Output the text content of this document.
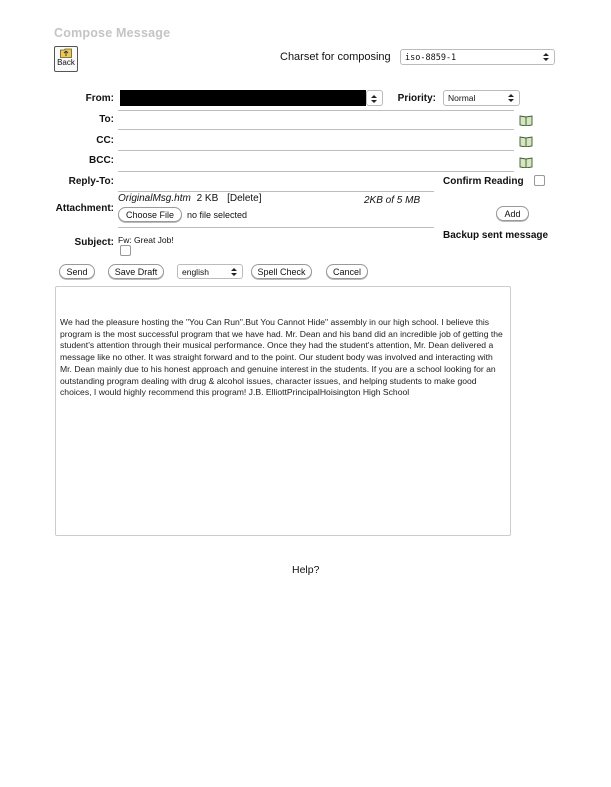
Compose Message
Back	Charset for composing	iso-8859-1
From:	Priority:	Normal
To:
CC:
BCC:
Reply-To:	Confirm Reading
Attachment:
OriginalMsg.htm 2 KB [Delete]	2KB of 5 MB
Choose File	no file selected	Add
Backup sent message
Subject: Fw: Great Job!
Send	Save Draft	english	Spell Check	Cancel
We had the pleasure hosting the "You Can Run".But You Cannot Hide" assembly in our high school. I believe this program is the most successful program that we have had. Mr. Dean and his band did an incredible job of getting the student's attention through their musical performance. Once they had the student's attention, Mr. Dean delivered a message like no other. It was straight forward and to the point. Our student body was involved and interacting with Mr. Dean mainly due to his honest approach and genuine interest in the students. If you are a school looking for an outstanding program dealing with drug & alcohol issues, character issues, and helping students to make good choices, I would highly recommend this program! J.B. ElliottPrincipalHoisington High School
Help?
